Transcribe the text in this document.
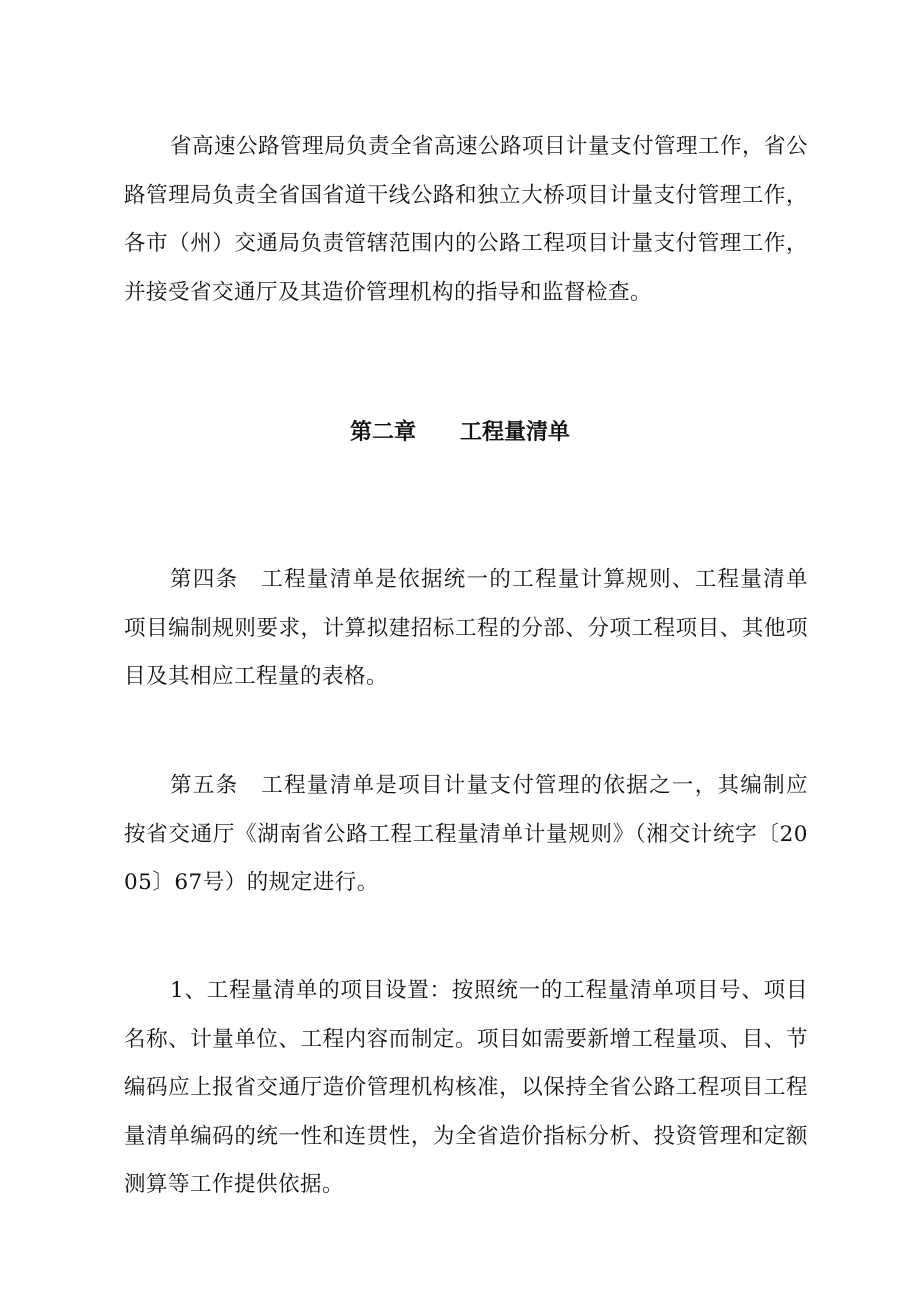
省高速公路管理局负责全省高速公路项目计量支付管理工作，省公路管理局负责全省国省道干线公路和独立大桥项目计量支付管理工作，各市（州）交通局负责管辖范围内的公路工程项目计量支付管理工作，并接受省交通厅及其造价管理机构的指导和监督检查。

第二章 工程量清单

第四条 工程量清单是依据统一的工程量计算规则、工程量清单项目编制规则要求，计算拟建招标工程的分部、分项工程项目、其他项目及其相应工程量的表格。

第五条 工程量清单是项目计量支付管理的依据之一，其编制应按省交通厅《湖南省公路工程工程量清单计量规则》（湘交计统字〔2005〕67号）的规定进行。

1、工程量清单的项目设置：按照统一的工程量清单项目号、项目名称、计量单位、工程内容而制定。项目如需要新增工程量项、目、节编码应上报省交通厅造价管理机构核准，以保持全省公路工程项目工程量清单编码的统一性和连贯性，为全省造价指标分析、投资管理和定额测算等工作提供依据。
